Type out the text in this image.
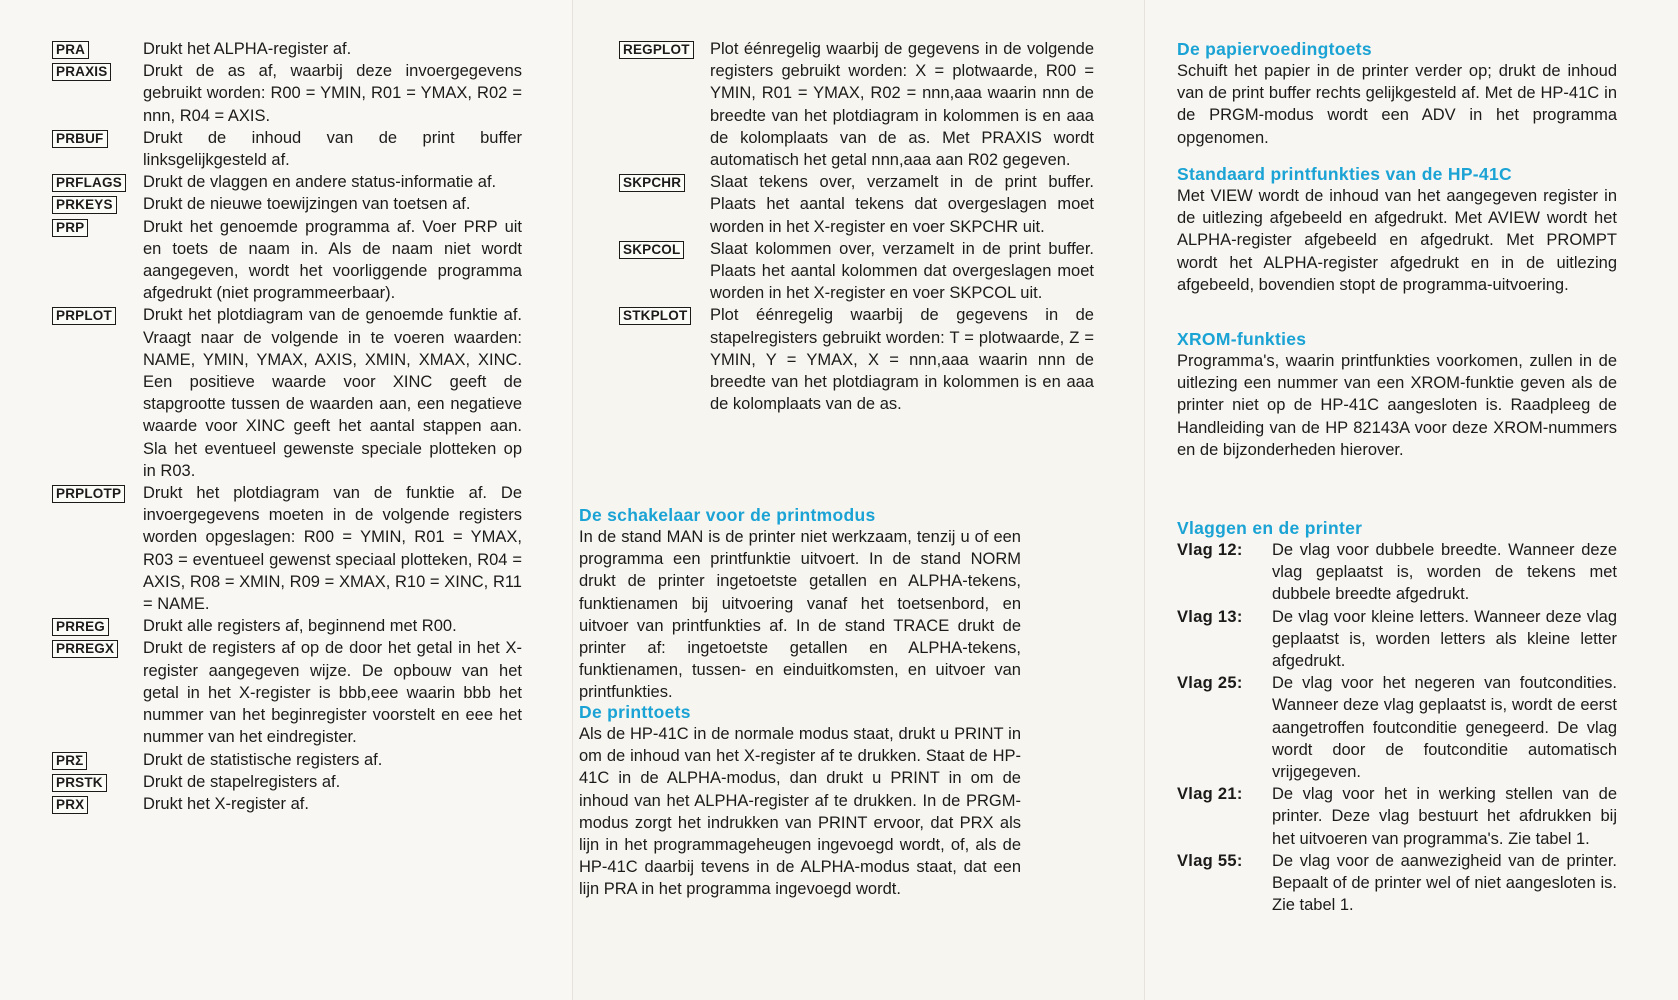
PRA	Drukt het ALPHA-register af.
PRAXIS	Drukt de as af, waarbij deze invoergegevens gebruikt worden: R00 = YMIN, R01 = YMAX, R02 = nnn, R04 = AXIS.
PRBUF	Drukt de inhoud van de print buffer linksgelijkgesteld af.
PRFLAGS	Drukt de vlaggen en andere status-informatie af.
PRKEYS	Drukt de nieuwe toewijzingen van toetsen af.
PRP	Drukt het genoemde programma af. Voer PRP uit en toets de naam in. Als de naam niet wordt aangegeven, wordt het voorliggende programma afgedrukt (niet programmeerbaar).
PRPLOT	Drukt het plotdiagram van de genoemde funktie af. Vraagt naar de volgende in te voeren waarden: NAME, YMIN, YMAX, AXIS, XMIN, XMAX, XINC. Een positieve waarde voor XINC geeft de stapgrootte tussen de waarden aan, een negatieve waarde voor XINC geeft het aantal stappen aan. Sla het eventueel gewenste speciale plotteken op in R03.
PRPLOTP	Drukt het plotdiagram van de funktie af. De invoergegevens moeten in de volgende registers worden opgeslagen: R00 = YMIN, R01 = YMAX, R03 = eventueel gewenst speciaal plotteken, R04 = AXIS, R08 = XMIN, R09 = XMAX, R10 = XINC, R11 = NAME.
PRREG	Drukt alle registers af, beginnend met R00.
PRREGX	Drukt de registers af op de door het getal in het X-register aangegeven wijze. De opbouw van het getal in het X-register is bbb,eee waarin bbb het nummer van het beginregister voorstelt en eee het nummer van het eindregister.
PRΣ	Drukt de statistische registers af.
PRSTK	Drukt de stapelregisters af.
PRX	Drukt het X-register af.
REGPLOT	Plot éénregelig waarbij de gegevens in de volgende registers gebruikt worden: X = plotwaarde, R00 = YMIN, R01 = YMAX, R02 = nnn,aaa waarin nnn de breedte van het plotdiagram in kolommen is en aaa de kolomplaats van de as. Met PRAXIS wordt automatisch het getal nnn,aaa aan R02 gegeven.
SKPCHR	Slaat tekens over, verzamelt in de print buffer. Plaats het aantal tekens dat overgeslagen moet worden in het X-register en voer SKPCHR uit.
SKPCOL	Slaat kolommen over, verzamelt in de print buffer. Plaats het aantal kolommen dat overgeslagen moet worden in het X-register en voer SKPCOL uit.
STKPLOT	Plot éénregelig waarbij de gegevens in de stapelregisters gebruikt worden: T = plotwaarde, Z = YMIN, Y = YMAX, X = nnn,aaa waarin nnn de breedte van het plotdiagram in kolommen is en aaa de kolomplaats van de as.
De schakelaar voor de printmodus
In de stand MAN is de printer niet werkzaam, tenzij u of een programma een printfunktie uitvoert. In de stand NORM drukt de printer ingetoetste getallen en ALPHA-tekens, funktienamen bij uitvoering vanaf het toetsenbord, en uitvoer van printfunkties af. In de stand TRACE drukt de printer af: ingetoetste getallen en ALPHA-tekens, funktienamen, tussen- en einduitkomsten, en uitvoer van printfunkties.
De printtoets
Als de HP-41C in de normale modus staat, drukt u PRINT in om de inhoud van het X-register af te drukken. Staat de HP-41C in de ALPHA-modus, dan drukt u PRINT in om de inhoud van het ALPHA-register af te drukken. In de PRGM-modus zorgt het indrukken van PRINT ervoor, dat PRX als lijn in het programmageheugen ingevoegd wordt, of, als de HP-41C daarbij tevens in de ALPHA-modus staat, dat een lijn PRA in het programma ingevoegd wordt.
De papiervoedingtoets
Schuift het papier in de printer verder op; drukt de inhoud van de print buffer rechts gelijkgesteld af. Met de HP-41C in de PRGM-modus wordt een ADV in het programma opgenomen.
Standaard printfunkties van de HP-41C
Met VIEW wordt de inhoud van het aangegeven register in de uitlezing afgebeeld en afgedrukt. Met AVIEW wordt het ALPHA-register afgebeeld en afgedrukt. Met PROMPT wordt het ALPHA-register afgedrukt en in de uitlezing afgebeeld, bovendien stopt de programma-uitvoering.
XROM-funkties
Programma's, waarin printfunkties voorkomen, zullen in de uitlezing een nummer van een XROM-funktie geven als de printer niet op de HP-41C aangesloten is. Raadpleeg de Handleiding van de HP 82143A voor deze XROM-nummers en de bijzonderheden hierover.
Vlaggen en de printer
Vlag 12:	De vlag voor dubbele breedte. Wanneer deze vlag geplaatst is, worden de tekens met dubbele breedte afgedrukt.
Vlag 13:	De vlag voor kleine letters. Wanneer deze vlag geplaatst is, worden letters als kleine letter afgedrukt.
Vlag 25:	De vlag voor het negeren van foutcondities. Wanneer deze vlag geplaatst is, wordt de eerst aangetroffen foutconditie genegeerd. De vlag wordt door de foutconditie automatisch vrijgegeven.
Vlag 21:	De vlag voor het in werking stellen van de printer. Deze vlag bestuurt het afdrukken bij het uitvoeren van programma's. Zie tabel 1.
Vlag 55:	De vlag voor de aanwezigheid van de printer. Bepaalt of de printer wel of niet aangesloten is. Zie tabel 1.
